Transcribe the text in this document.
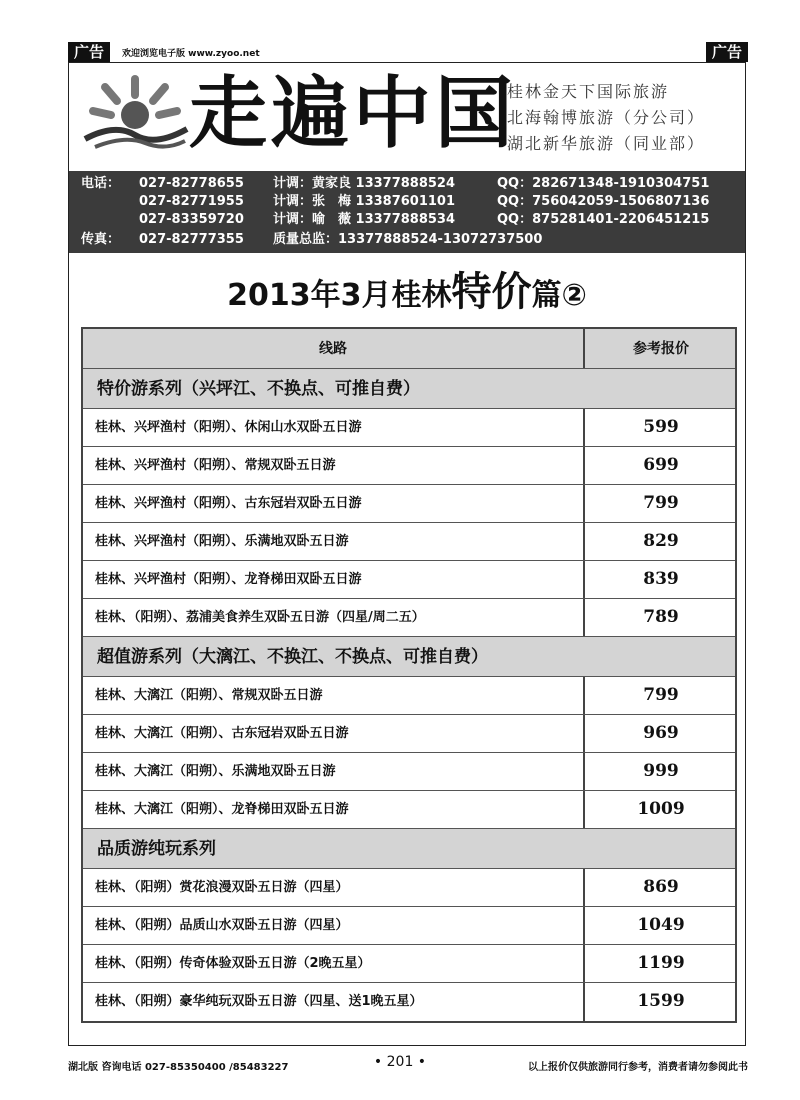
广告	欢迎浏览电子版 www.zyoo.net	广告
走遍中国
桂林金天下国际旅游
北海翰博旅游（分公司）
湖北新华旅游（同业部）
电话： 027-82778655 计调：黄家良 13377888524	QQ：282671348-1910304751
027-82771955 计调：张　梅 13387601101	QQ：756042059-1506807136
027-83359720 计调：喻　薇 13377888534	QQ：875281401-2206451215
传真： 027-82777355 质量总监：13377888524-13072737500
2013年3月桂林特价篇②
线路	参考报价
特价游系列（兴坪江、不换点、可推自费）
桂林、兴坪渔村（阳朔）、休闲山水双卧五日游	599
桂林、兴坪渔村（阳朔）、常规双卧五日游	699
桂林、兴坪渔村（阳朔）、古东冠岩双卧五日游	799
桂林、兴坪渔村（阳朔）、乐满地双卧五日游	829
桂林、兴坪渔村（阳朔）、龙脊梯田双卧五日游	839
桂林、（阳朔）、荔浦美食养生双卧五日游（四星/周二五）	789
超值游系列（大漓江、不换江、不换点、可推自费）
桂林、大漓江（阳朔）、常规双卧五日游	799
桂林、大漓江（阳朔）、古东冠岩双卧五日游	969
桂林、大漓江（阳朔）、乐满地双卧五日游	999
桂林、大漓江（阳朔）、龙脊梯田双卧五日游	1009
品质游纯玩系列
桂林、（阳朔）赏花浪漫双卧五日游（四星）	869
桂林、（阳朔）品质山水双卧五日游（四星）	1049
桂林、（阳朔）传奇体验双卧五日游（2晚五星）	1199
桂林、（阳朔）豪华纯玩双卧五日游（四星、送1晚五星）	1599
湖北版 咨询电话 027-85350400 /85483227	• 201 •	以上报价仅供旅游同行参考，消费者请勿参阅此书
